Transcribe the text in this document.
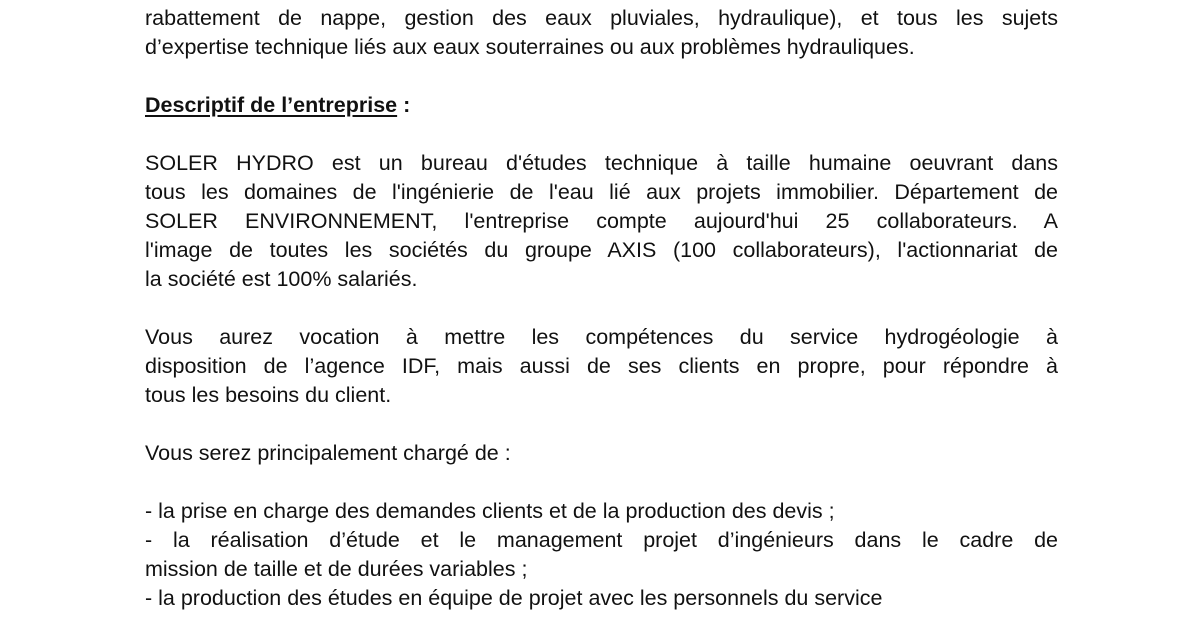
rabattement de nappe, gestion des eaux pluviales, hydraulique), et tous les sujets
d’expertise technique liés aux eaux souterraines ou aux problèmes hydrauliques.
Descriptif de l’entreprise :
SOLER HYDRO est un bureau d'études technique à taille humaine oeuvrant dans
tous les domaines de l'ingénierie de l'eau lié aux projets immobilier. Département de
SOLER ENVIRONNEMENT, l'entreprise compte aujourd'hui 25 collaborateurs. A
l'image de toutes les sociétés du groupe AXIS (100 collaborateurs), l'actionnariat de
la société est 100% salariés.
Vous aurez vocation à mettre les compétences du service hydrogéologie à
disposition de l’agence IDF, mais aussi de ses clients en propre, pour répondre à
tous les besoins du client.
Vous serez principalement chargé de :
- la prise en charge des demandes clients et de la production des devis ;
- la réalisation d’étude et le management projet d’ingénieurs dans le cadre de
mission de taille et de durées variables ;
- la production des études en équipe de projet avec les personnels du service
